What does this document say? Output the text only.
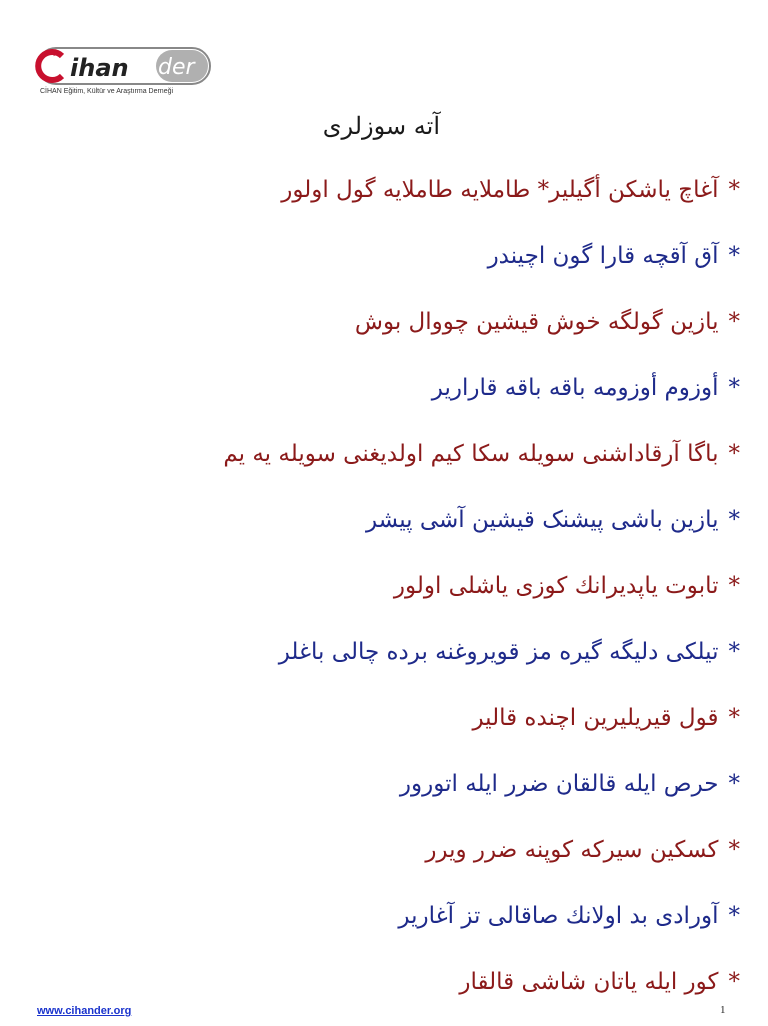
ihan der
CİHAN Eğitim, Kültür ve Araştırma Derneği
آته سوزلری
*آغاچ یاشکن أگیلیر* طاملایه طاملایه گول اولور
*آق آقچه قارا گون اچیندر
*یازین گولگه خوش قیشین چووال بوش
*أوزوم أوزومه باقه باقه قارارير
*باگا آرقاداشنی سویله سکا کیم اولدیغنی سویله یه یم
*یازین باشی پیشنک قیشین آشی پیشر
*تابوت یاپدیرانك کوزی یاشلی اولور
*تیلکی دلیگه گیره مز قویروغنه برده چالی باغلر
*قول قیریلیرین اچنده قالیر
*حرص ایله قالقان ضرر ایله اتورور
*کسکین سیرکه کوپنه ضرر ویرر
*آورادی بد اولانك صاقالی تز آغارير
*کور ایله یاتان شاشی قالقار
www.cihander.org	1
